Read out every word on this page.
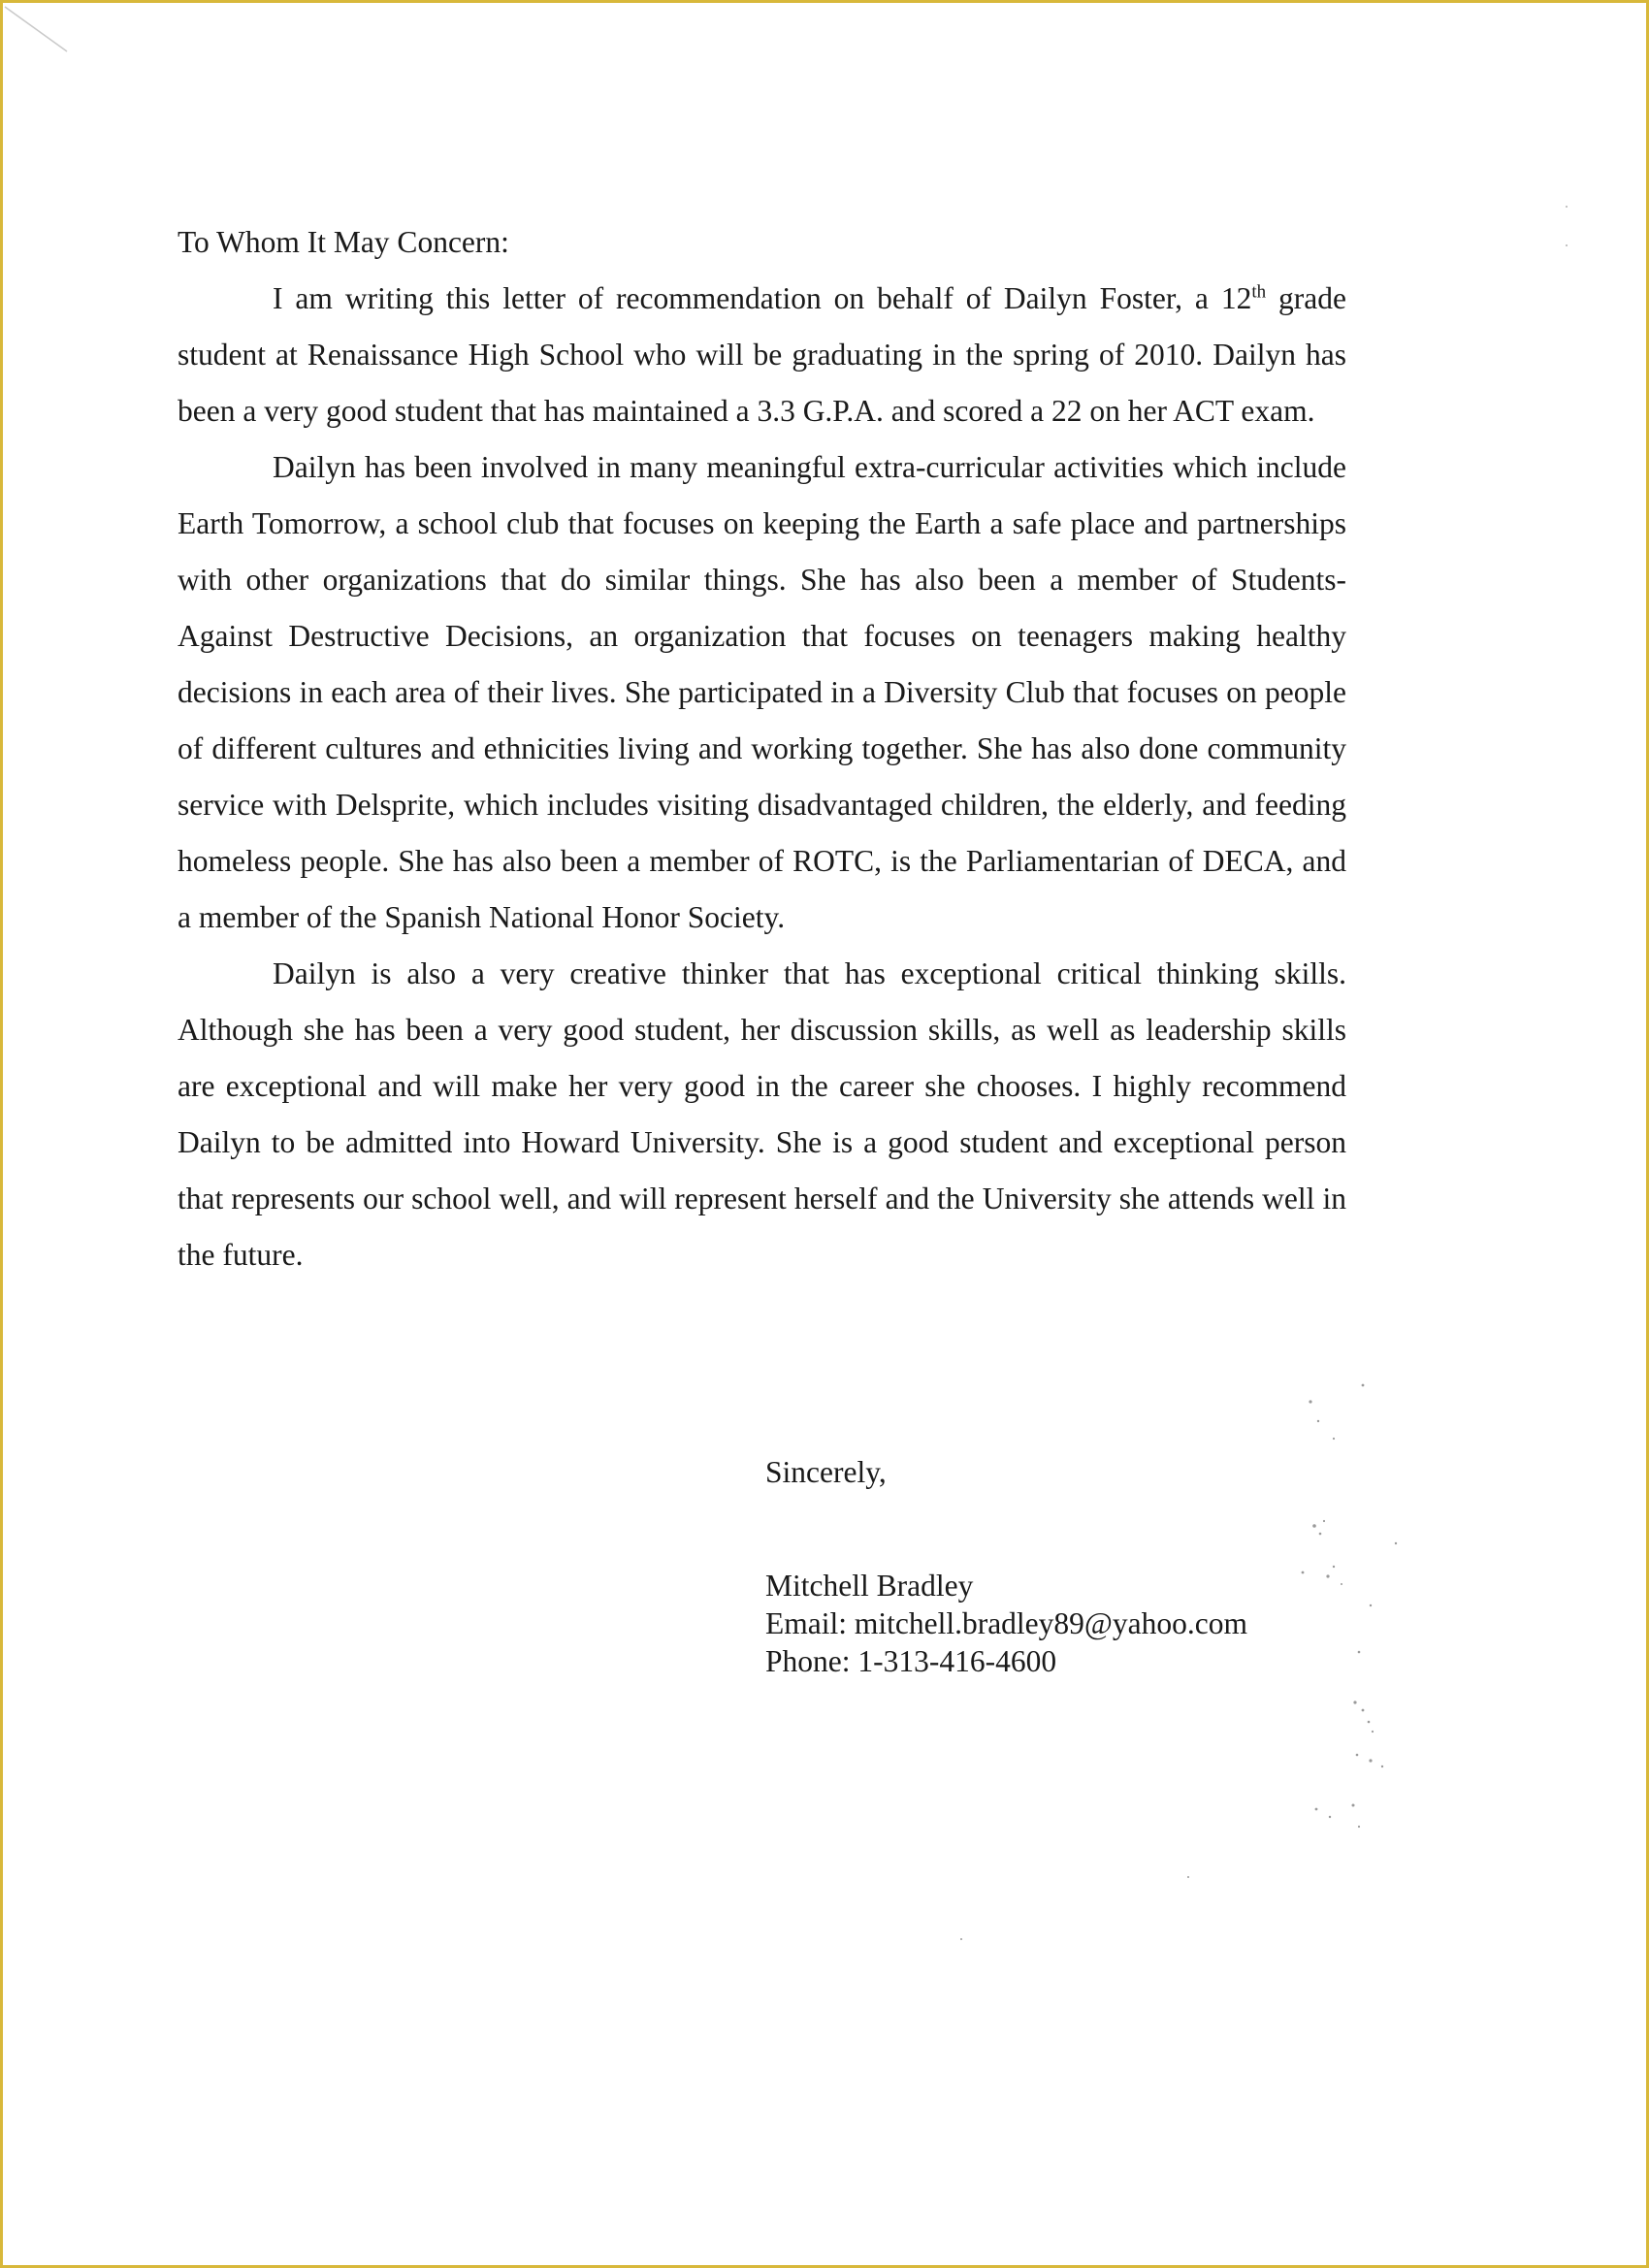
To Whom It May Concern:

I am writing this letter of recommendation on behalf of Dailyn Foster, a 12th grade student at Renaissance High School who will be graduating in the spring of 2010. Dailyn has been a very good student that has maintained a 3.3 G.P.A. and scored a 22 on her ACT exam.

Dailyn has been involved in many meaningful extra-curricular activities which include Earth Tomorrow, a school club that focuses on keeping the Earth a safe place and partnerships with other organizations that do similar things. She has also been a member of Students-Against Destructive Decisions, an organization that focuses on teenagers making healthy decisions in each area of their lives. She participated in a Diversity Club that focuses on people of different cultures and ethnicities living and working together. She has also done community service with Delsprite, which includes visiting disadvantaged children, the elderly, and feeding homeless people. She has also been a member of ROTC, is the Parliamentarian of DECA, and a member of the Spanish National Honor Society.

Dailyn is also a very creative thinker that has exceptional critical thinking skills. Although she has been a very good student, her discussion skills, as well as leadership skills are exceptional and will make her very good in the career she chooses. I highly recommend Dailyn to be admitted into Howard University. She is a good student and exceptional person that represents our school well, and will represent herself and the University she attends well in the future.

Sincerely,
Mitchell Bradley
Email: mitchell.bradley89@yahoo.com
Phone: 1-313-416-4600
